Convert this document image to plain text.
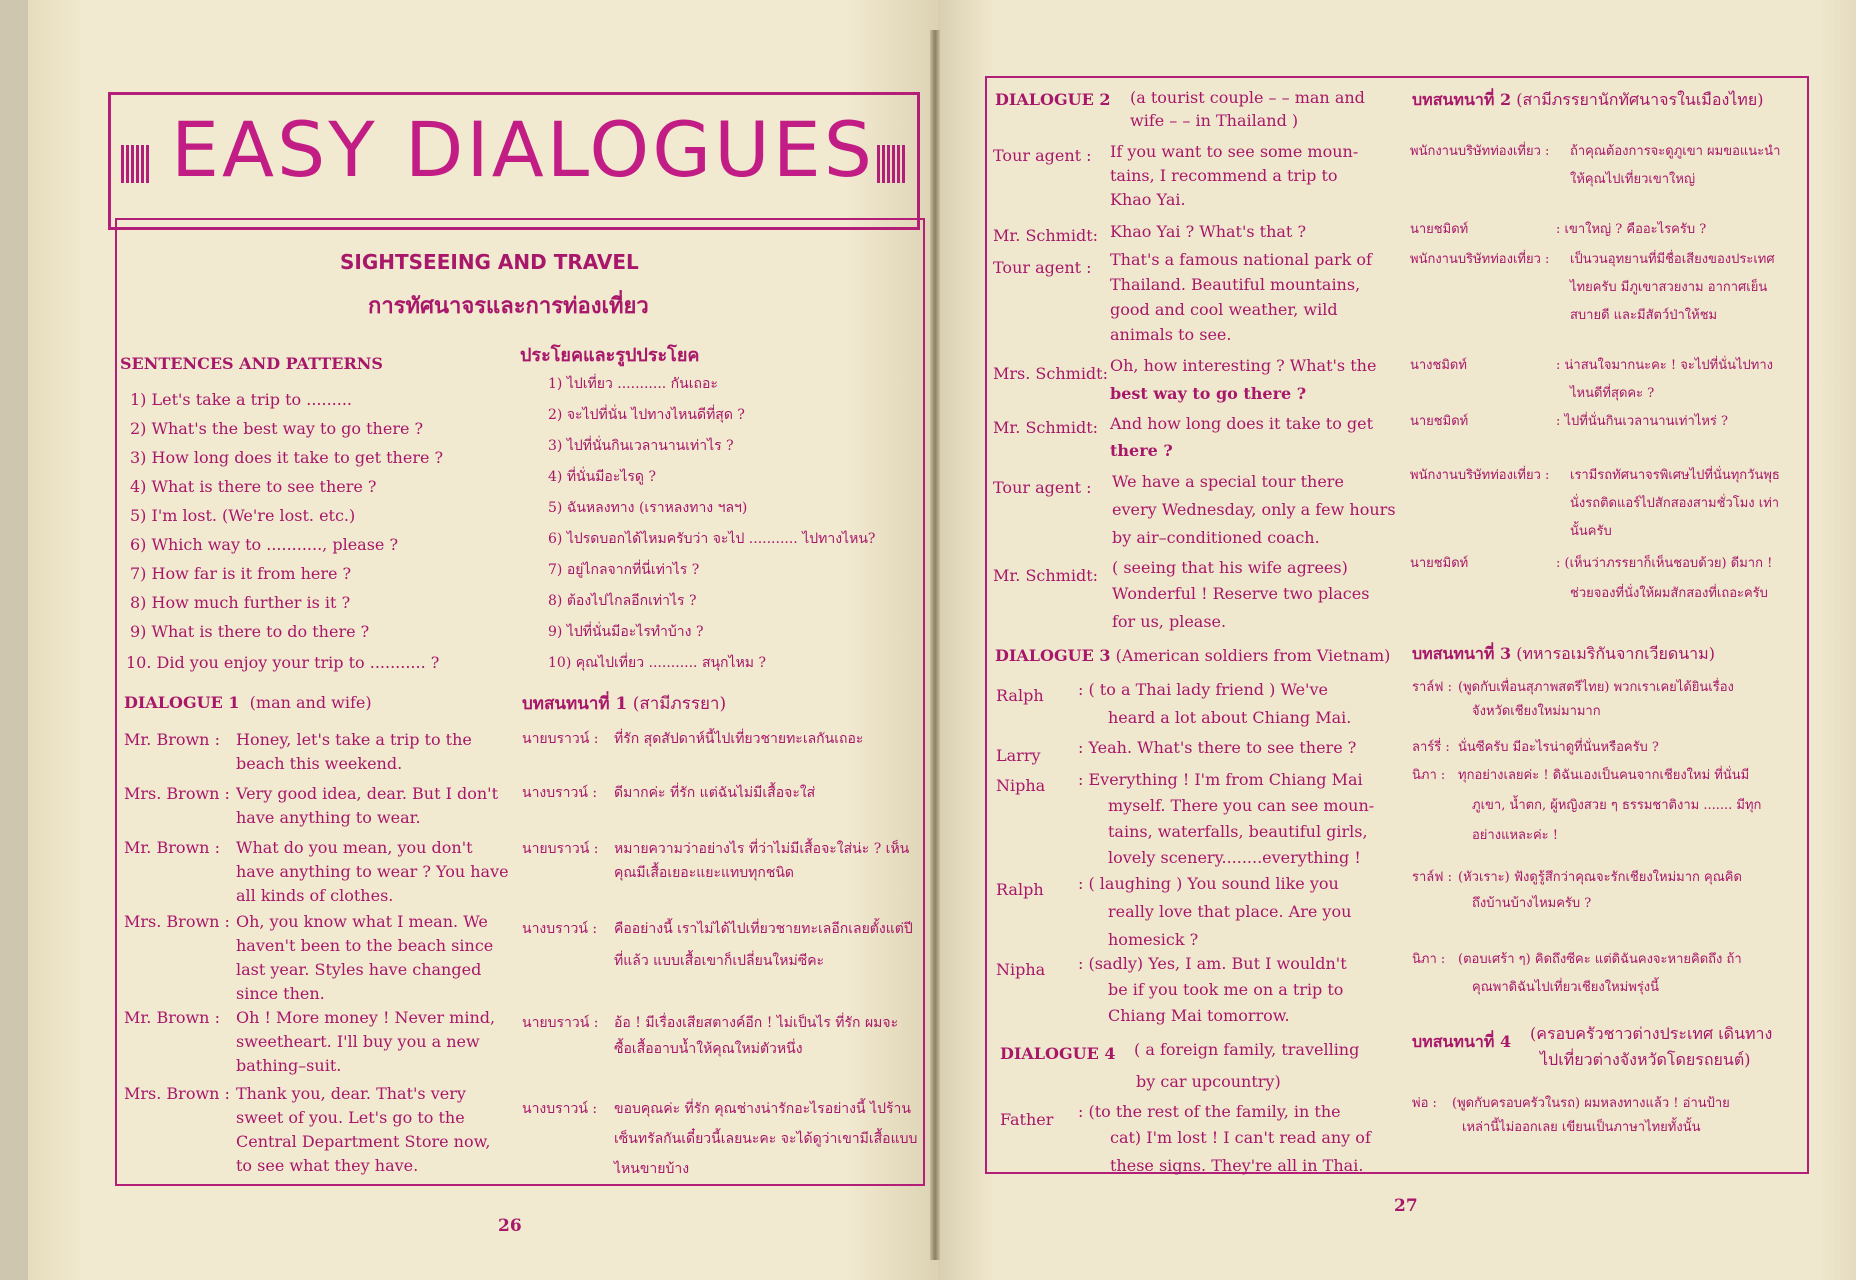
EASY DIALOGUES
SIGHTSEEING AND TRAVEL
การทัศนาจรและการท่องเที่ยว
SENTENCES AND PATTERNS	ประโยคและรูปประโยค
1) Let's take a trip to .........
2) What's the best way to go there ?
3) How long does it take to get there ?
4) What is there to see there ?
5) I'm lost. (We're lost. etc.)
6) Which way to ..........., please ?
7) How far is it from here ?
8) How much further is it ?
9) What is there to do there ?
10. Did you enjoy your trip to ........... ?
1) ไปเที่ยว ........... กันเถอะ
2) จะไปที่นั่น ไปทางไหนดีที่สุด ?
3) ไปที่นั่นกินเวลานานเท่าไร ?
4) ที่นั่นมีอะไรดู ?
5) ฉันหลงทาง (เราหลงทาง ฯลฯ)
6) ไปรดบอกได้ไหมครับว่า จะไป ........... ไปทางไหน?
7) อยู่ไกลจากที่นี่เท่าไร ?
8) ต้องไปไกลอีกเท่าไร ?
9) ไปที่นั่นมีอะไรทำบ้าง ?
10) คุณไปเที่ยว ........... สนุกไหม ?
DIALOGUE 1 (man and wife)	บทสนทนาที่ 1 (สามีภรรยา)
Mr. Brown : Honey, let's take a trip to the
beach this weekend.
Mrs. Brown : Very good idea, dear. But I don't
have anything to wear.
Mr. Brown : What do you mean, you don't
have anything to wear ? You have
all kinds of clothes.
Mrs. Brown : Oh, you know what I mean. We
haven't been to the beach since
last year. Styles have changed
since then.
Mr. Brown : Oh ! More money ! Never mind,
sweetheart. I'll buy you a new
bathing–suit.
Mrs. Brown : Thank you, dear. That's very
sweet of you. Let's go to the
Central Department Store now,
to see what they have.
นายบราวน์ : ที่รัก สุดสัปดาห์นี้ไปเที่ยวชายทะเลกันเถอะ
นางบราวน์ : ดีมากค่ะ ที่รัก แต่ฉันไม่มีเสื้อจะใส่
นายบราวน์ : หมายความว่าอย่างไร ที่ว่าไม่มีเสื้อจะใส่น่ะ ? เห็น
คุณมีเสื้อเยอะแยะแทบทุกชนิด
นางบราวน์ : คืออย่างนี้ เราไม่ได้ไปเที่ยวชายทะเลอีกเลยตั้งแต่ปี
ที่แล้ว แบบเสื้อเขาก็เปลี่ยนใหม่ซีคะ
นายบราวน์ : อ้อ ! มีเรื่องเสียสตางค์อีก ! ไม่เป็นไร ที่รัก ผมจะ
ซื้อเสื้ออาบน้ำให้คุณใหม่ตัวหนึ่ง
นางบราวน์ : ขอบคุณค่ะ ที่รัก คุณช่างน่ารักอะไรอย่างนี้ ไปร้าน
เซ็นทรัลกันเดี๋ยวนี้เลยนะคะ จะได้ดูว่าเขามีเสื้อแบบ
ไหนขายบ้าง
26
DIALOGUE 2 (a tourist couple – – man and
wife – – in Thailand )
บทสนทนาที่ 2 (สามีภรรยานักทัศนาจรในเมืองไทย)
Tour agent : If you want to see some moun-
tains, I recommend a trip to
Khao Yai.
Mr. Schmidt: Khao Yai ? What's that ?
Tour agent : That's a famous national park of
Thailand. Beautiful mountains,
good and cool weather, wild
animals to see.
Mrs. Schmidt: Oh, how interesting ? What's the
best way to go there ?
Mr. Schmidt: And how long does it take to get
there ?
Tour agent : We have a special tour there
every Wednesday, only a few hours
by air–conditioned coach.
Mr. Schmidt: ( seeing that his wife agrees)
Wonderful ! Reserve two places
for us, please.
พนักงานบริษัทท่องเที่ยว : ถ้าคุณต้องการจะดูภูเขา ผมขอแนะนำ
ให้คุณไปเที่ยวเขาใหญ่
นายชมิดท์	: เขาใหญ่ ? คืออะไรครับ ?
พนักงานบริษัทท่องเที่ยว : เป็นวนอุทยานที่มีชื่อเสียงของประเทศ
ไทยครับ มีภูเขาสวยงาม อากาศเย็น
สบายดี และมีสัตว์ป่าให้ชม
นางชมิดท์	: น่าสนใจมากนะคะ ! จะไปที่นั่นไปทาง
ไหนดีที่สุดคะ ?
นายชมิดท์	: ไปที่นั่นกินเวลานานเท่าไหร่ ?
พนักงานบริษัทท่องเที่ยว : เรามีรถทัศนาจรพิเศษไปที่นั่นทุกวันพุธ
นั่งรถติดแอร์ไปสักสองสามชั่วโมง เท่า
นั้นครับ
นายชมิดท์	: (เห็นว่าภรรยาก็เห็นชอบด้วย) ดีมาก !
ช่วยจองที่นั่งให้ผมสักสองที่เถอะครับ
DIALOGUE 3 (American soldiers from Vietnam) บทสนทนาที่ 3 (ทหารอเมริกันจากเวียดนาม)
Ralph : ( to a Thai lady friend ) We've
heard a lot about Chiang Mai.
Larry : Yeah. What's there to see there ?
Nipha : Everything ! I'm from Chiang Mai
myself. There you can see moun-
tains, waterfalls, beautiful girls,
lovely scenery........everything !
Ralph : ( laughing ) You sound like you
really love that place. Are you
homesick ?
Nipha : (sadly) Yes, I am. But I wouldn't
be if you took me on a trip to
Chiang Mai tomorrow.
ราล์ฟ : (พูดกับเพื่อนสุภาพสตรีไทย) พวกเราเคยได้ยินเรื่อง
จังหวัดเชียงใหม่มามาก
ลาร์รี่ : นั่นซีครับ มีอะไรน่าดูที่นั่นหรือครับ ?
นิภา : ทุกอย่างเลยค่ะ ! ดิฉันเองเป็นคนจากเชียงใหม่ ที่นั่นมี
ภูเขา, น้ำตก, ผู้หญิงสวย ๆ ธรรมชาติงาม ....... มีทุก
อย่างแหละค่ะ !
ราล์ฟ : (หัวเราะ) ฟังดูรู้สึกว่าคุณจะรักเชียงใหม่มาก คุณคิด
ถึงบ้านบ้างไหมครับ ?
นิภา : (ตอบเศร้า ๆ) คิดถึงซีคะ แต่ดิฉันคงจะหายคิดถึง ถ้า
คุณพาดิฉันไปเที่ยวเชียงใหม่พรุ่งนี้
DIALOGUE 4 ( a foreign family, travelling
by car upcountry)
บทสนทนาที่ 4 (ครอบครัวชาวต่างประเทศ เดินทาง
ไปเที่ยวต่างจังหวัดโดยรถยนต์)
Father : (to the rest of the family, in the
cat) I'm lost ! I can't read any of
these signs. They're all in Thai.
พ่อ : (พูดกับครอบครัวในรถ) ผมหลงทางแล้ว ! อ่านป้าย
เหล่านี้ไม่ออกเลย เขียนเป็นภาษาไทยทั้งนั้น
27
